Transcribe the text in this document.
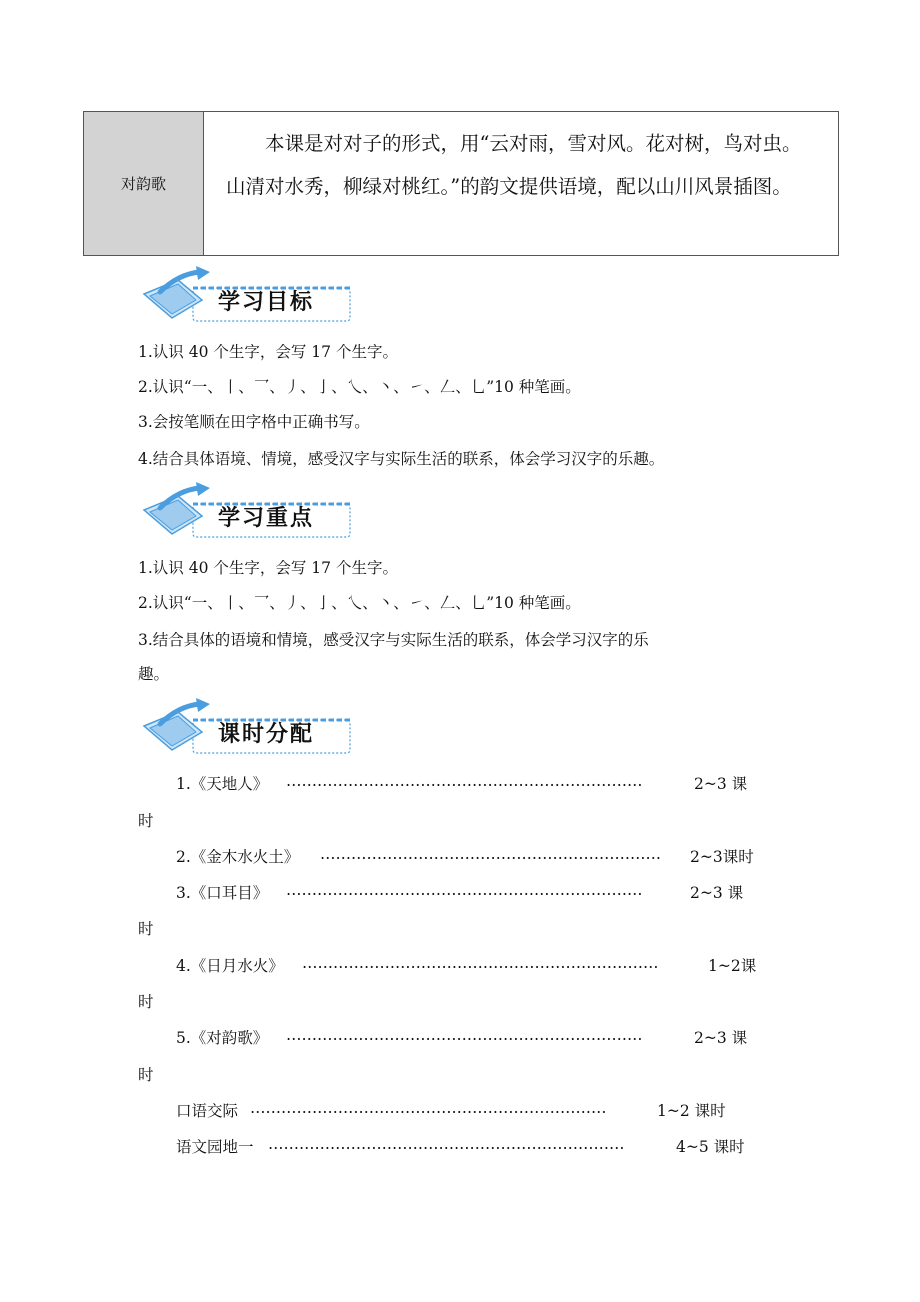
对韵歌
本课是对对子的形式，用“云对雨，雪对风。花对树，鸟对虫。山清对水秀，柳绿对桃红。”的韵文提供语境，配以山川风景插图。
学习目标
1.认识 40 个生字，会写 17 个生字。
2.认识“一、丨、乛、丿、亅、乀、丶、㇀、𠃋、乚”10 种笔画。
3.会按笔顺在田字格中正确书写。
4.结合具体语境、情境，感受汉字与实际生活的联系，体会学习汉字的乐趣。
学习重点
1.认识 40 个生字，会写 17 个生字。
2.认识“一、丨、乛、丿、亅、乀、丶、㇀、𠃋、乚”10 种笔画。
3.结合具体的语境和情境，感受汉字与实际生活的联系，体会学习汉字的乐
趣。
课时分配
1.《天地人》 ……………………………………………………………	2~3 课
时
2.《金木水火土》 ………………………………………………………… 2~3课时
3.《口耳目》 ……………………………………………………………	2~3 课
时
4.《日月水火》 ……………………………………………………………	1~2课
时
5.《对韵歌》 ……………………………………………………………	2~3 课
时
口语交际 ……………………………………………………………	1~2 课时
语文园地一 ……………………………………………………………	4~5 课时
